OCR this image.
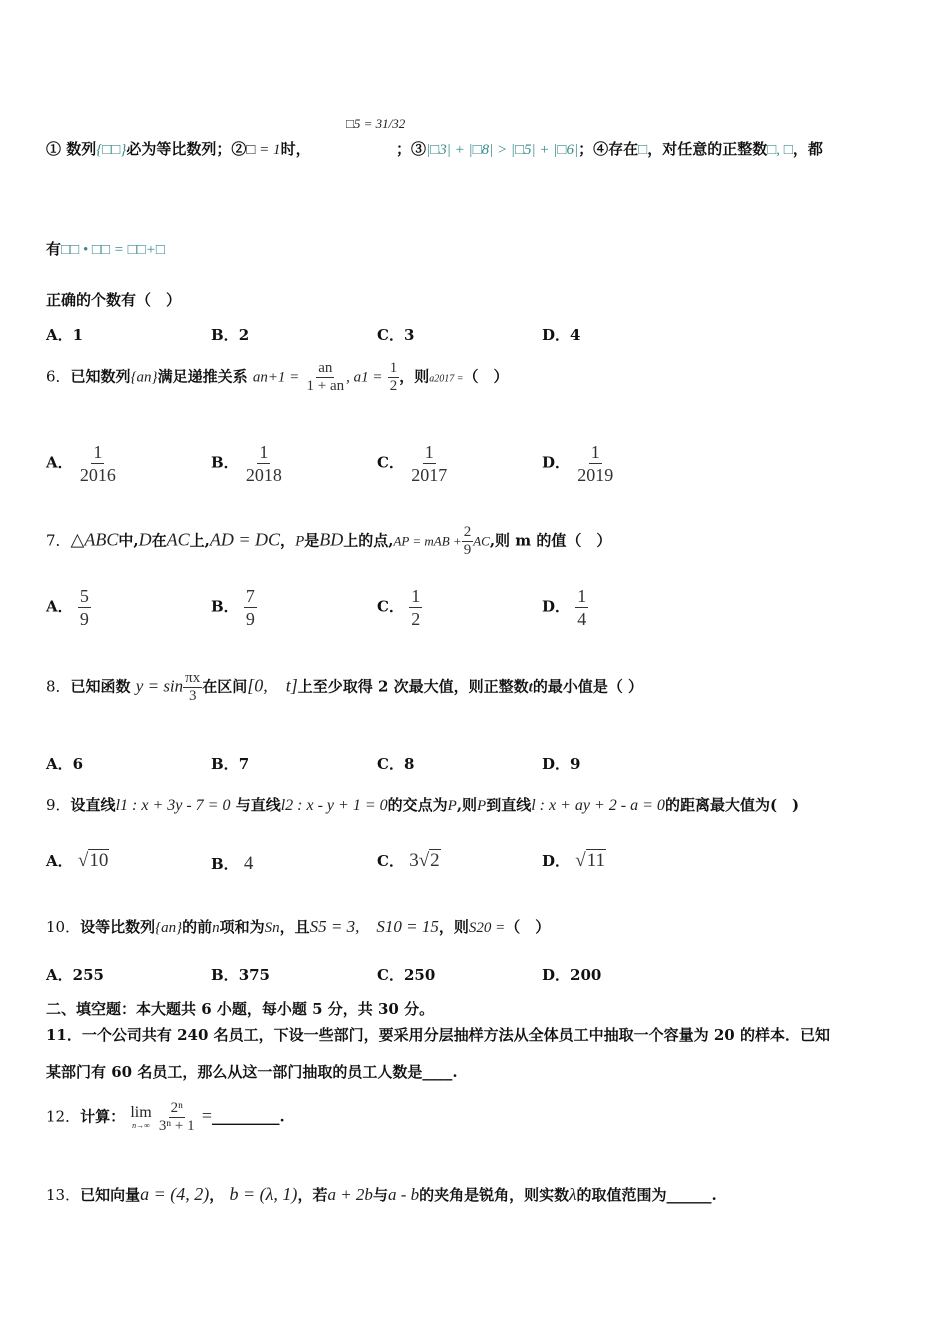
① 数列{□□}必为等比数列；②□ = 1时，
□5 = 31/32
；③|□3| + |□8| > |□5| + |□6|；④存在□，对任意的正整数□, □，都
有□□ • □□ = □□+□
正确的个数有（　）
A．1	B．2	C．3	D．4
6．已知数列{an}满足递推关系 $an+1 = \frac{an}{1 + an}$ , $a1 = \frac{1}{2}$ ，则a2017 =（　）
A． $\frac{1}{2016}$	B． $\frac{1}{2018}$	C． $\frac{1}{2017}$	D． $\frac{1}{2019}$
7．△ABC中,D在AC上,AD = DC，P是BD上的点,AP = mAB + $\frac{2}{9}$ AC,则 m 的值（　）
A． $\frac{5}{9}$	B． $\frac{7}{9}$	C． $\frac{1}{2}$	D． $\frac{1}{4}$
8．已知函数 $y = \sin \frac{\pi x}{3}$ 在区间[0,　t]上至少取得 2 次最大值，则正整数t的最小值是（ ）
A．6	B．7	C．8	D．9
9．设直线l1 : x + 3y - 7 = 0 与直线l2 : x - y + 1 = 0的交点为P,则P到直线l : x + ay + 2 - a = 0的距离最大值为(　)
A． √10	B． 4	C． 3√2	D． √11
10．设等比数列{an}的前n项和为Sn，且S5 = 3,　S10 = 15，则S20 =（　）
A．255	B．375	C．250	D．200
二、填空题：本大题共 6 小题，每小题 5 分，共 30 分。
11．一个公司共有 240 名员工，下设一些部门，要采用分层抽样方法从全体员工中抽取一个容量为 20 的样本．已知
某部门有 60 名员工，那么从这一部门抽取的员工人数是____.
12．计算： lim
n→∞
$\frac{\text{2ⁿ}}{\text{3ⁿ + 1}}$ =_________.
13．已知向量a = (4, 2)， b = (λ, 1)，若a + 2b与a - b的夹角是锐角，则实数λ的取值范围为______.
